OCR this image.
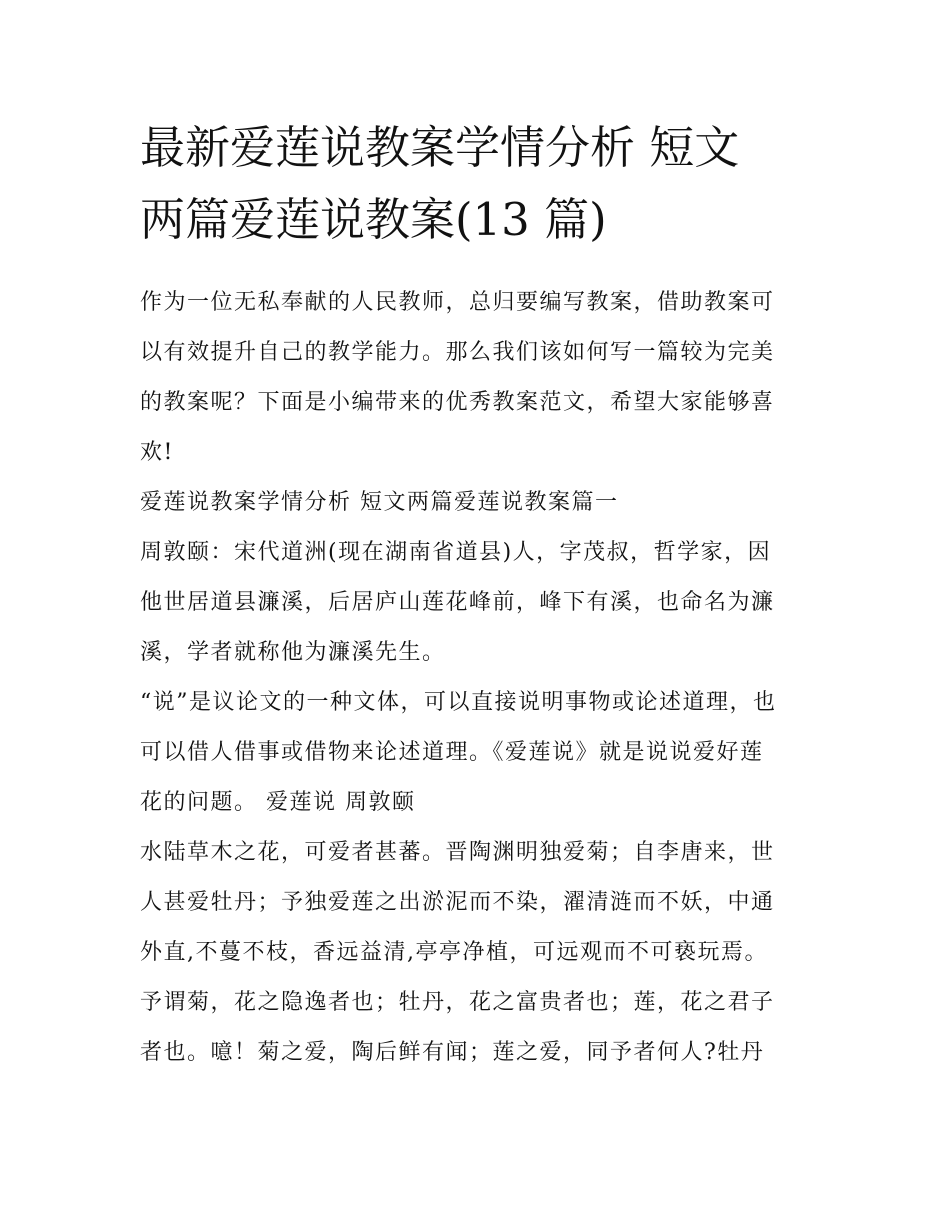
最新爱莲说教案学情分析 短文
两篇爱莲说教案(13 篇)

作为一位无私奉献的人民教师，总归要编写教案，借助教案可
以有效提升自己的教学能力。那么我们该如何写一篇较为完美
的教案呢？下面是小编带来的优秀教案范文，希望大家能够喜
欢!

爱莲说教案学情分析 短文两篇爱莲说教案篇一

周敦颐：宋代道洲(现在湖南省道县)人，字茂叔，哲学家，因
他世居道县濂溪，后居庐山莲花峰前，峰下有溪，也命名为濂
溪，学者就称他为濂溪先生。

“说”是议论文的一种文体，可以直接说明事物或论述道理，也
可以借人借事或借物来论述道理。《爱莲说》就是说说爱好莲
花的问题。 爱莲说 周敦颐

水陆草木之花，可爱者甚蕃。晋陶渊明独爱菊；自李唐来，世
人甚爱牡丹；予独爱莲之出淤泥而不染，濯清涟而不妖，中通
外直,不蔓不枝，香远益清,亭亭净植，可远观而不可亵玩焉。

予谓菊，花之隐逸者也；牡丹，花之富贵者也；莲，花之君子
者也。噫！菊之爱，陶后鲜有闻；莲之爱，同予者何人?牡丹
